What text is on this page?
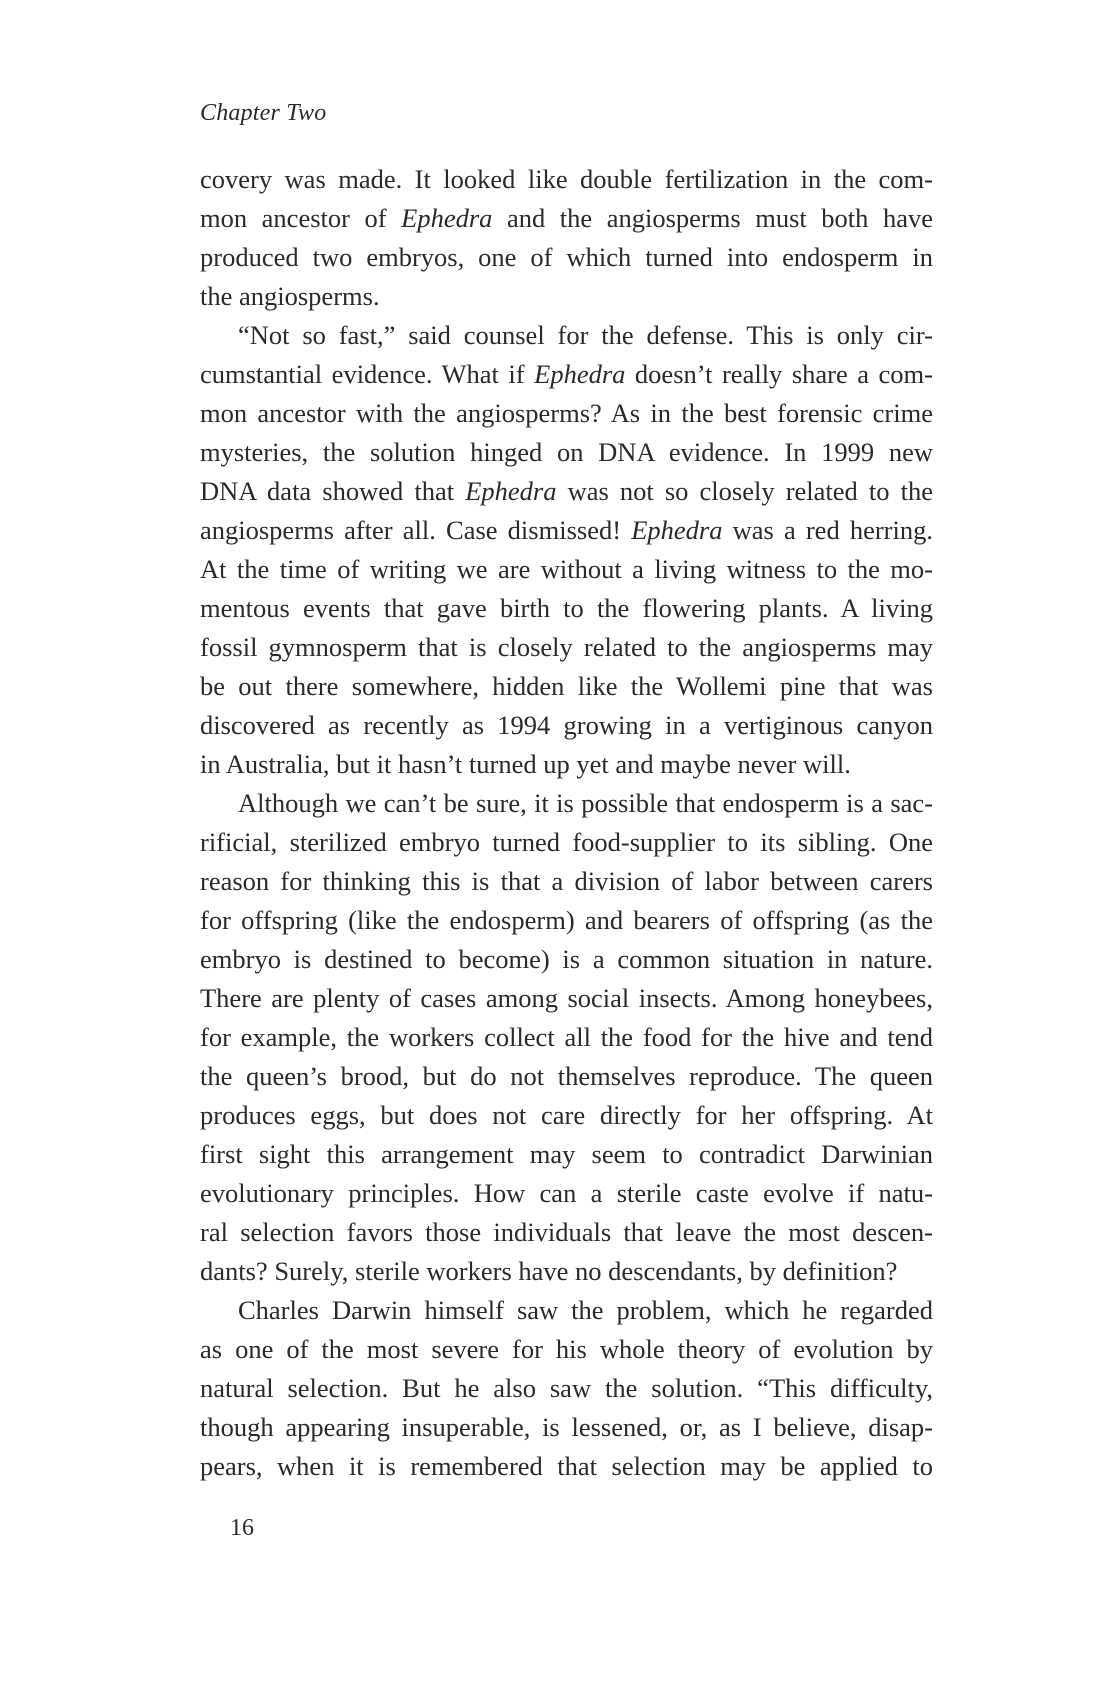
Chapter Two

covery was made. It looked like double fertilization in the com-
mon ancestor of Ephedra and the angiosperms must both have
produced two embryos, one of which turned into endosperm in
the angiosperms.

“Not so fast,” said counsel for the defense. This is only cir-
cumstantial evidence. What if Ephedra doesn’t really share a com-
mon ancestor with the angiosperms? As in the best forensic crime
mysteries, the solution hinged on DNA evidence. In 1999 new
DNA data showed that Ephedra was not so closely related to the
angiosperms after all. Case dismissed! Ephedra was a red herring.
At the time of writing we are without a living witness to the mo-
mentous events that gave birth to the flowering plants. A living
fossil gymnosperm that is closely related to the angiosperms may
be out there somewhere, hidden like the Wollemi pine that was
discovered as recently as 1994 growing in a vertiginous canyon
in Australia, but it hasn’t turned up yet and maybe never will.

Although we can’t be sure, it is possible that endosperm is a sac-
rificial, sterilized embryo turned food-supplier to its sibling. One
reason for thinking this is that a division of labor between carers
for offspring (like the endosperm) and bearers of offspring (as the
embryo is destined to become) is a common situation in nature.
There are plenty of cases among social insects. Among honeybees,
for example, the workers collect all the food for the hive and tend
the queen’s brood, but do not themselves reproduce. The queen
produces eggs, but does not care directly for her offspring. At
first sight this arrangement may seem to contradict Darwinian
evolutionary principles. How can a sterile caste evolve if natu-
ral selection favors those individuals that leave the most descen-
dants? Surely, sterile workers have no descendants, by definition?

Charles Darwin himself saw the problem, which he regarded
as one of the most severe for his whole theory of evolution by
natural selection. But he also saw the solution. “This difficulty,
though appearing insuperable, is lessened, or, as I believe, disap-
pears, when it is remembered that selection may be applied to

16
